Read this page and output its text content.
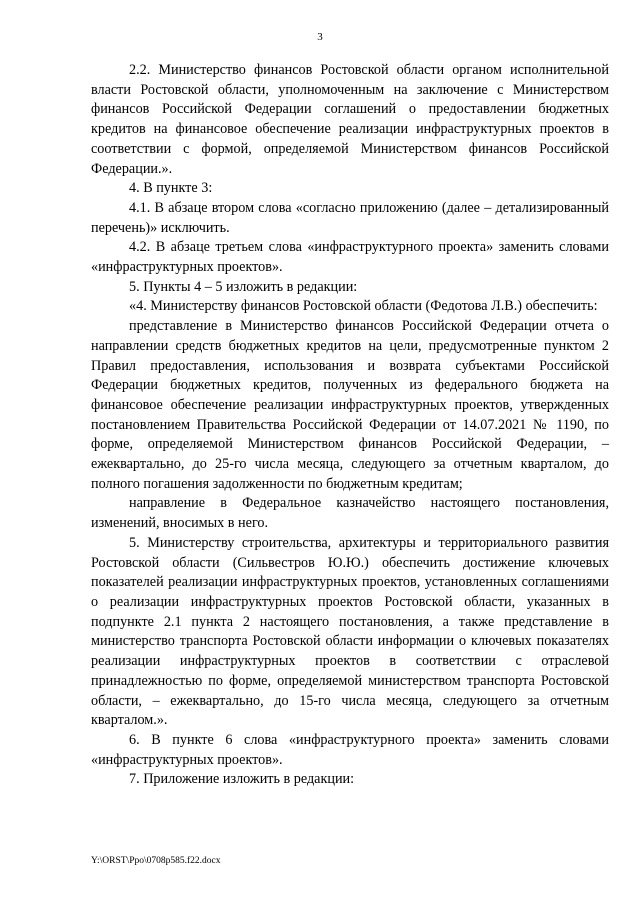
3

2.2. Министерство финансов Ростовской области органом исполнительной власти Ростовской области, уполномоченным на заключение с Министерством финансов Российской Федерации соглашений о предоставлении бюджетных кредитов на финансовое обеспечение реализации инфраструктурных проектов в соответствии с формой, определяемой Министерством финансов Российской Федерации.».

4. В пункте 3:

4.1. В абзаце втором слова «согласно приложению (далее – детализированный перечень)» исключить.

4.2. В абзаце третьем слова «инфраструктурного проекта» заменить словами «инфраструктурных проектов».

5. Пункты 4 – 5 изложить в редакции:

«4. Министерству финансов Ростовской области (Федотова Л.В.) обеспечить:

представление в Министерство финансов Российской Федерации отчета о направлении средств бюджетных кредитов на цели, предусмотренные пунктом 2 Правил предоставления, использования и возврата субъектами Российской Федерации бюджетных кредитов, полученных из федерального бюджета на финансовое обеспечение реализации инфраструктурных проектов, утвержденных постановлением Правительства Российской Федерации от 14.07.2021 № 1190, по форме, определяемой Министерством финансов Российской Федерации, – ежеквартально, до 25-го числа месяца, следующего за отчетным кварталом, до полного погашения задолженности по бюджетным кредитам;

направление в Федеральное казначейство настоящего постановления, изменений, вносимых в него.

5. Министерству строительства, архитектуры и территориального развития Ростовской области (Сильвестров Ю.Ю.) обеспечить достижение ключевых показателей реализации инфраструктурных проектов, установленных соглашениями о реализации инфраструктурных проектов Ростовской области, указанных в подпункте 2.1 пункта 2 настоящего постановления, а также представление в министерство транспорта Ростовской области информации о ключевых показателях реализации инфраструктурных проектов в соответствии с отраслевой принадлежностью по форме, определяемой министерством транспорта Ростовской области, – ежеквартально, до 15-го числа месяца, следующего за отчетным кварталом.».

6. В пункте 6 слова «инфраструктурного проекта» заменить словами «инфраструктурных проектов».

7. Приложение изложить в редакции:

Y:\ORST\Ppo\0708p585.f22.docx
